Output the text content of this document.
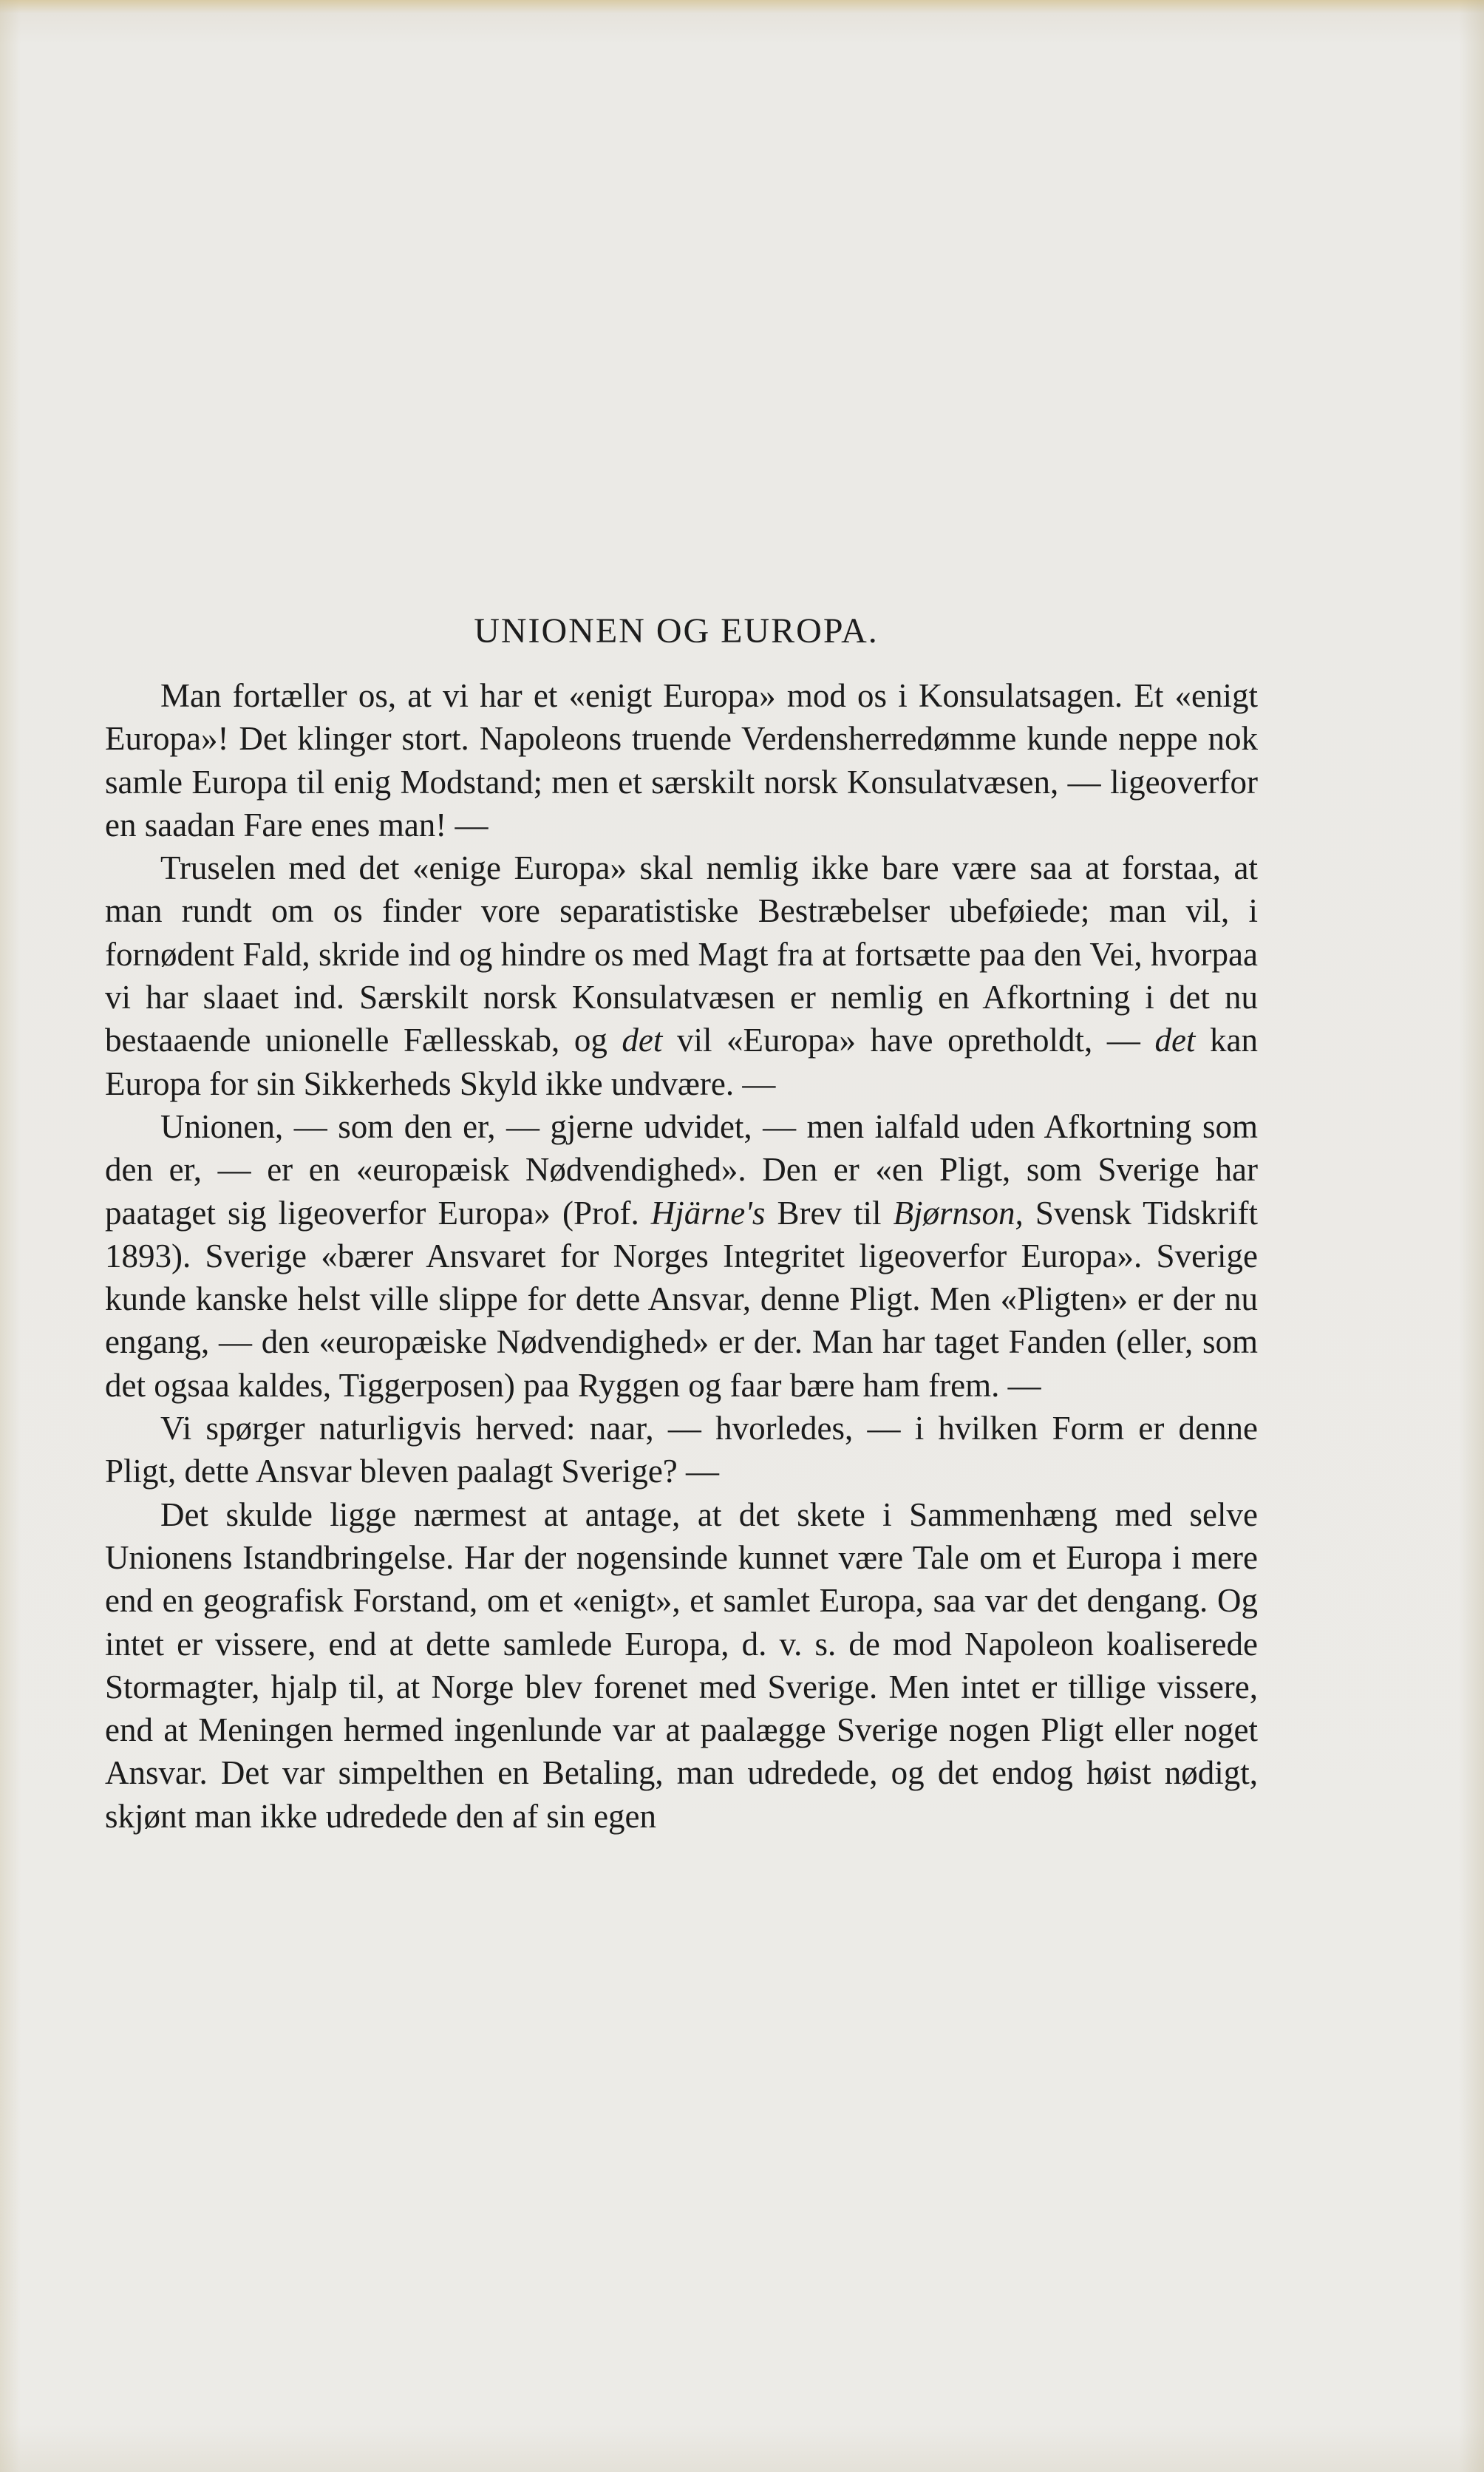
UNIONEN OG EUROPA.

Man fortæller os, at vi har et «enigt Europa» mod os i Konsulatsagen. Et «enigt Europa»! Det klinger stort. Napoleons truende Verdensherredømme kunde neppe nok samle Europa til enig Modstand; men et særskilt norsk Konsulatvæsen, — ligeoverfor en saadan Fare enes man! —

Truselen med det «enige Europa» skal nemlig ikke bare være saa at forstaa, at man rundt om os finder vore separatistiske Bestræbelser ubeføiede; man vil, i fornødent Fald, skride ind og hindre os med Magt fra at fortsætte paa den Vei, hvorpaa vi har slaaet ind. Særskilt norsk Konsulatvæsen er nemlig en Afkortning i det nu bestaaende unionelle Fællesskab, og det vil «Europa» have opretholdt, — det kan Europa for sin Sikkerheds Skyld ikke undvære. —

Unionen, — som den er, — gjerne udvidet, — men ialfald uden Afkortning som den er, — er en «europæisk Nødvendighed». Den er «en Pligt, som Sverige har paataget sig ligeoverfor Europa» (Prof. Hjärne's Brev til Bjørnson, Svensk Tidskrift 1893). Sverige «bærer Ansvaret for Norges Integritet ligeoverfor Europa». Sverige kunde kanske helst ville slippe for dette Ansvar, denne Pligt. Men «Pligten» er der nu engang, — den «europæiske Nødvendighed» er der. Man har taget Fanden (eller, som det ogsaa kaldes, Tiggerposen) paa Ryggen og faar bære ham frem. —

Vi spørger naturligvis herved: naar, — hvorledes, — i hvilken Form er denne Pligt, dette Ansvar bleven paalagt Sverige? —

Det skulde ligge nærmest at antage, at det skete i Sammenhæng med selve Unionens Istandbringelse. Har der nogensinde kunnet være Tale om et Europa i mere end en geografisk Forstand, om et «enigt», et samlet Europa, saa var det dengang. Og intet er vissere, end at dette samlede Europa, d. v. s. de mod Napoleon koaliserede Stormagter, hjalp til, at Norge blev forenet med Sverige. Men intet er tillige vissere, end at Meningen hermed ingenlunde var at paalægge Sverige nogen Pligt eller noget Ansvar. Det var simpelthen en Betaling, man udredede, og det endog høist nødigt, skjønt man ikke udredede den af sin egen
